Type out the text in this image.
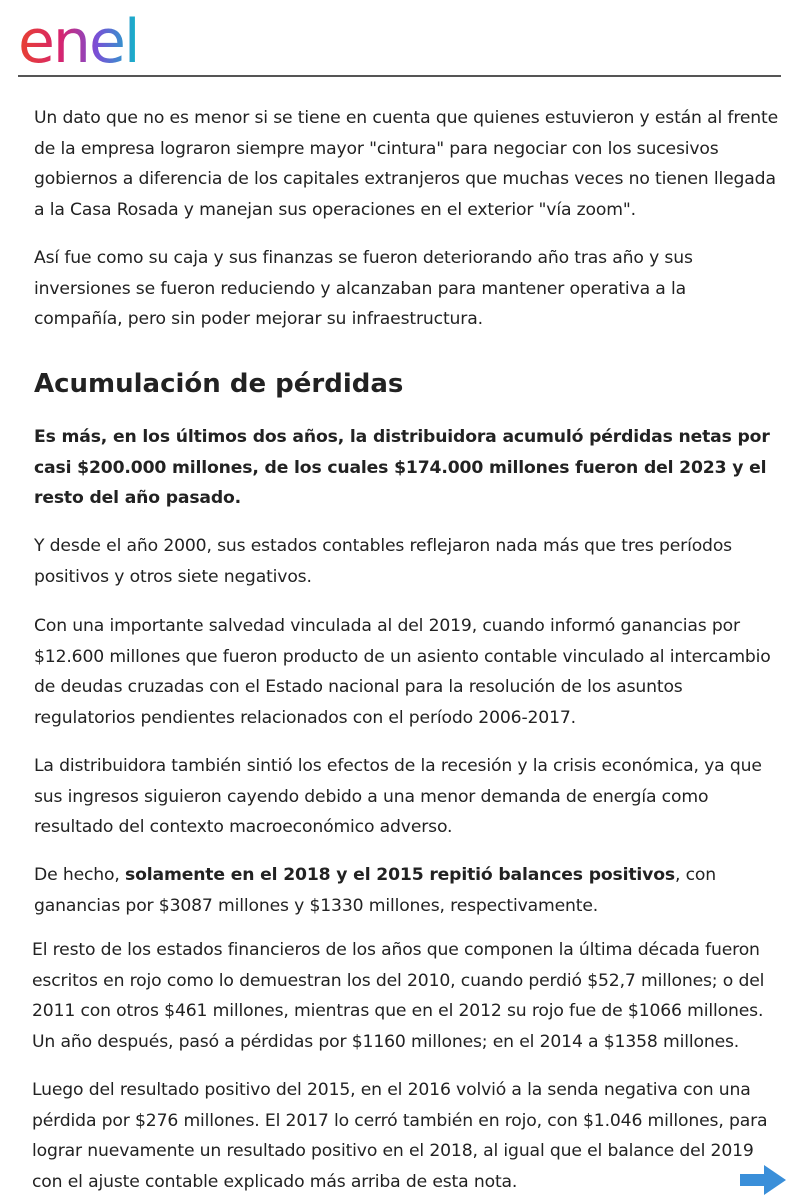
enel

Un dato que no es menor si se tiene en cuenta que quienes estuvieron y están al frente de la empresa lograron siempre mayor "cintura" para negociar con los sucesivos gobiernos a diferencia de los capitales extranjeros que muchas veces no tienen llegada a la Casa Rosada y manejan sus operaciones en el exterior "vía zoom".

Así fue como su caja y sus finanzas se fueron deteriorando año tras año y sus inversiones se fueron reduciendo y alcanzaban para mantener operativa a la compañía, pero sin poder mejorar su infraestructura.

Acumulación de pérdidas

Es más, en los últimos dos años, la distribuidora acumuló pérdidas netas por casi $200.000 millones, de los cuales $174.000 millones fueron del 2023 y el resto del año pasado.

Y desde el año 2000, sus estados contables reflejaron nada más que tres períodos positivos y otros siete negativos.

Con una importante salvedad vinculada al del 2019, cuando informó ganancias por $12.600 millones que fueron producto de un asiento contable vinculado al intercambio de deudas cruzadas con el Estado nacional para la resolución de los asuntos regulatorios pendientes relacionados con el período 2006-2017.

La distribuidora también sintió los efectos de la recesión y la crisis económica, ya que sus ingresos siguieron cayendo debido a una menor demanda de energía como resultado del contexto macroeconómico adverso.

De hecho, solamente en el 2018 y el 2015 repitió balances positivos, con ganancias por $3087 millones y $1330 millones, respectivamente.

El resto de los estados financieros de los años que componen la última década fueron escritos en rojo como lo demuestran los del 2010, cuando perdió $52,7 millones; o del 2011 con otros $461 millones, mientras que en el 2012 su rojo fue de $1066 millones. Un año después, pasó a pérdidas por $1160 millones; en el 2014 a $1358 millones.

Luego del resultado positivo del 2015, en el 2016 volvió a la senda negativa con una pérdida por $276 millones. El 2017 lo cerró también en rojo, con $1.046 millones, para lograr nuevamente un resultado positivo en el 2018, al igual que el balance del 2019 con el ajuste contable explicado más arriba de esta nota.
